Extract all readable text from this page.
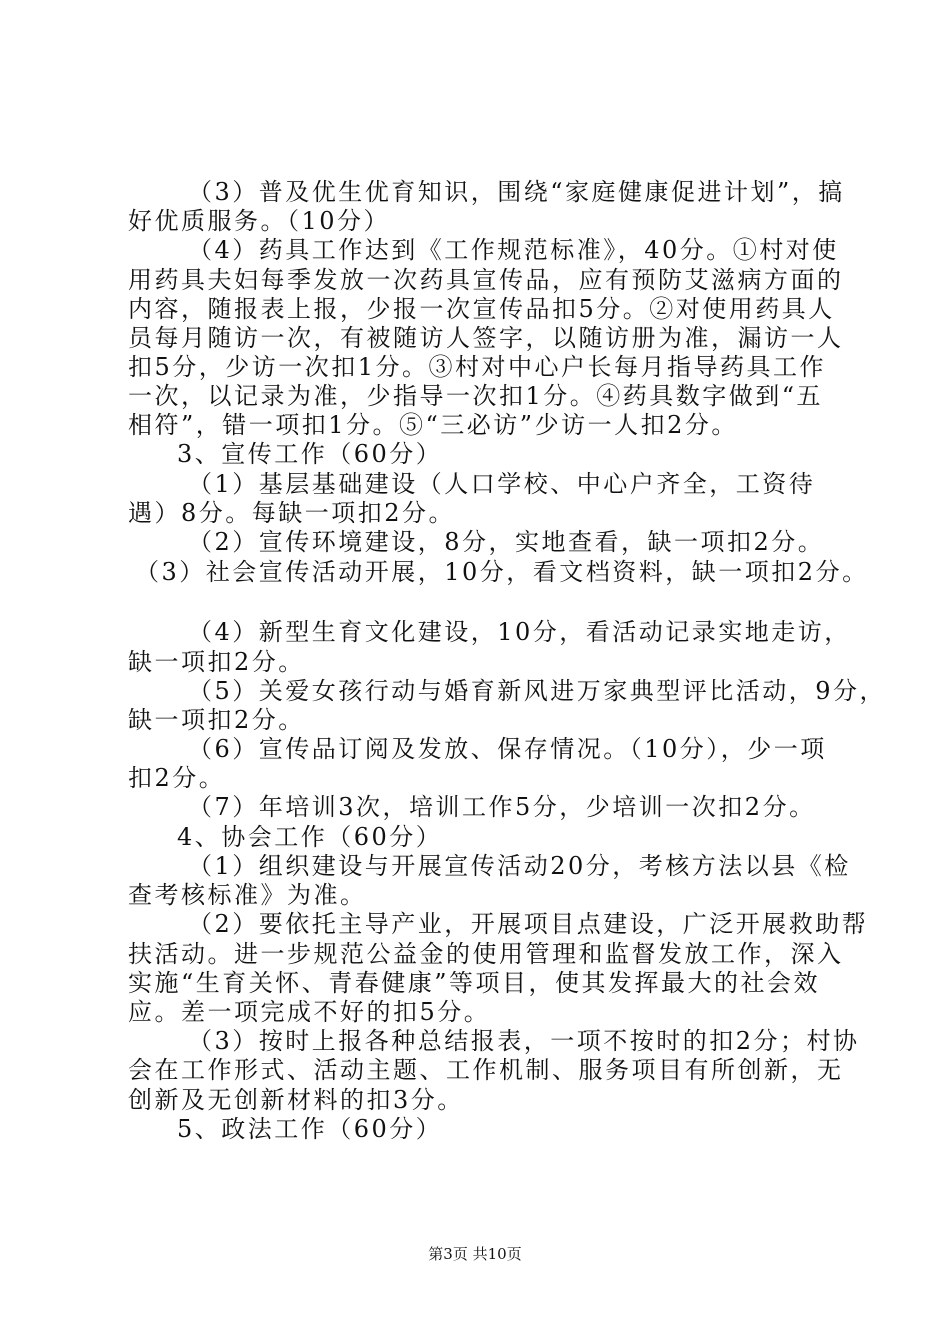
（3）普及优生优育知识，围绕“家庭健康促进计划”，搞
好优质服务。（10分）
（4）药具工作达到《工作规范标准》，40分。①村对使
用药具夫妇每季发放一次药具宣传品，应有预防艾滋病方面的
内容，随报表上报，少报一次宣传品扣5分。②对使用药具人
员每月随访一次，有被随访人签字，以随访册为准，漏访一人
扣5分，少访一次扣1分。③村对中心户长每月指导药具工作
一次，以记录为准，少指导一次扣1分。④药具数字做到“五
相符”，错一项扣1分。⑤“三必访”少访一人扣2分。
3、宣传工作（60分）
（1）基层基础建设（人口学校、中心户齐全，工资待
遇）8分。每缺一项扣2分。
（2）宣传环境建设，8分，实地查看，缺一项扣2分。
（3）社会宣传活动开展，10分，看文档资料，缺一项扣2分。
（4）新型生育文化建设，10分，看活动记录实地走访，
缺一项扣2分。
（5）关爱女孩行动与婚育新风进万家典型评比活动，9分，
缺一项扣2分。
（6）宣传品订阅及发放、保存情况。（10分），少一项
扣2分。
（7）年培训3次，培训工作5分，少培训一次扣2分。
4、协会工作（60分）
（1）组织建设与开展宣传活动20分，考核方法以县《检
查考核标准》为准。
（2）要依托主导产业，开展项目点建设，广泛开展救助帮
扶活动。进一步规范公益金的使用管理和监督发放工作，深入
实施“生育关怀、青春健康”等项目，使其发挥最大的社会效
应。差一项完成不好的扣5分。
（3）按时上报各种总结报表，一项不按时的扣2分；村协
会在工作形式、活动主题、工作机制、服务项目有所创新，无
创新及无创新材料的扣3分。
5、政法工作（60分）
第3页 共10页
